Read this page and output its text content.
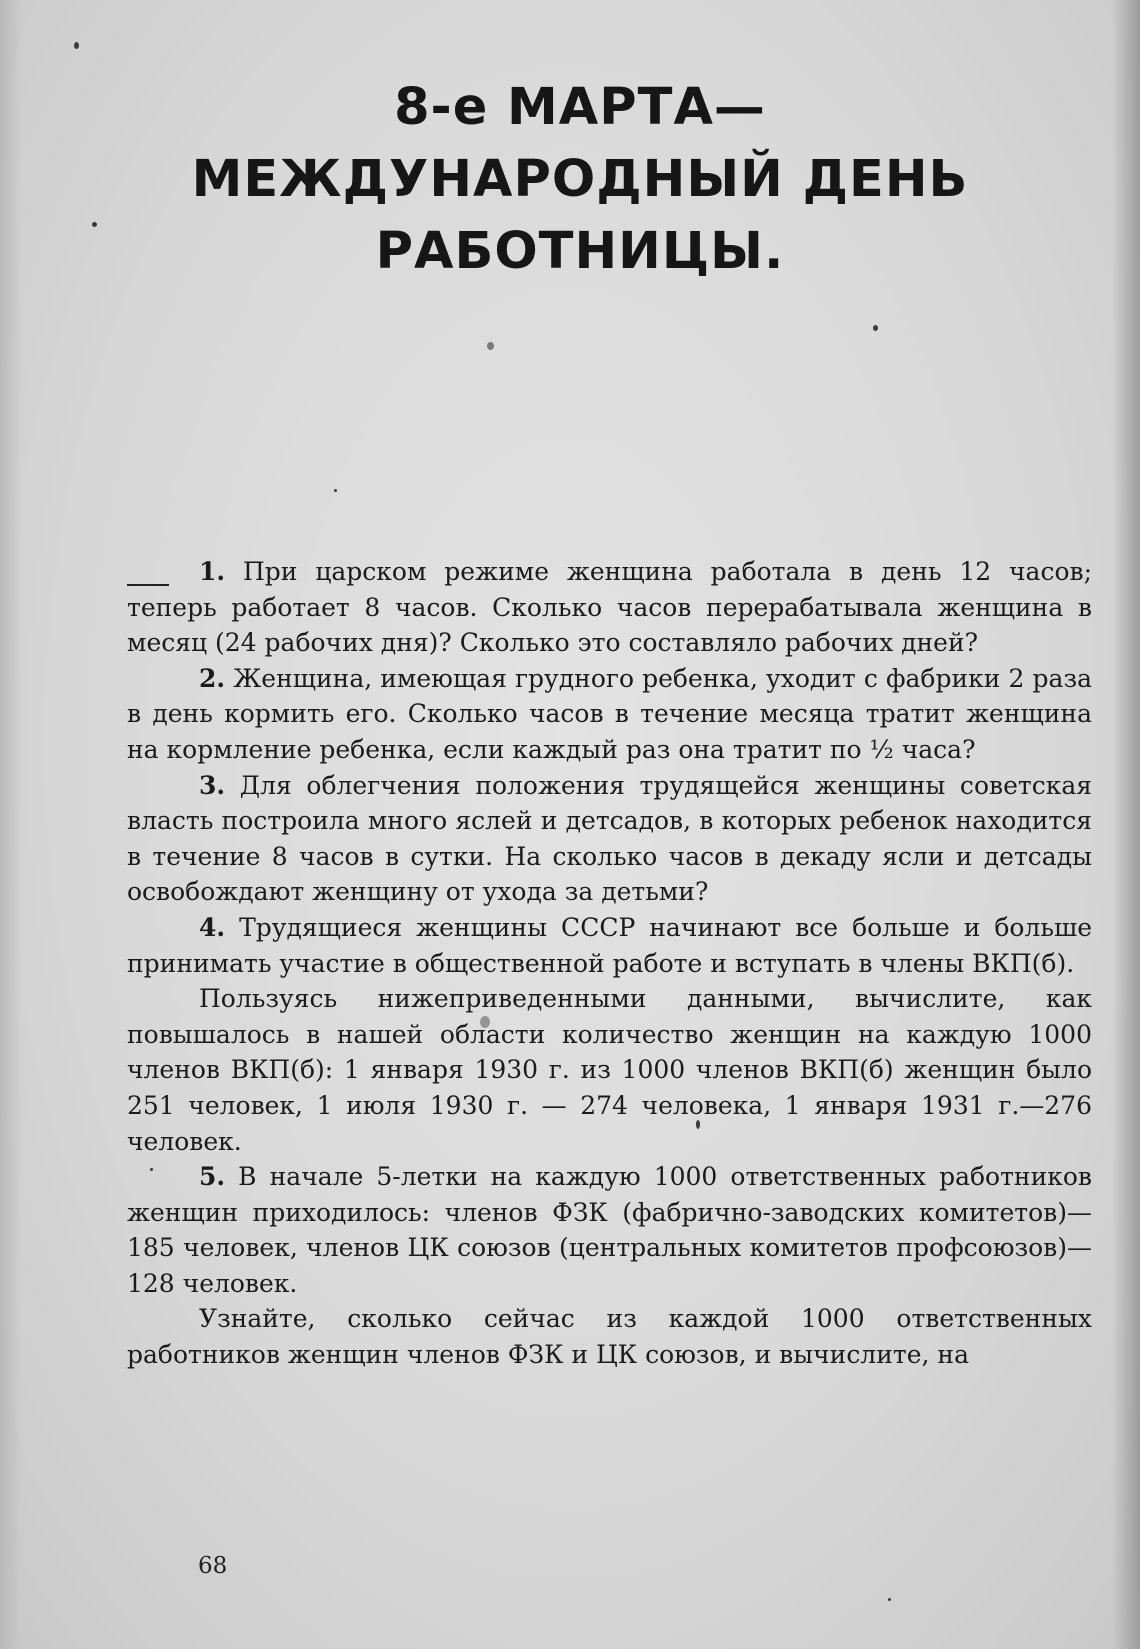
8-е МАРТА—
МЕЖДУНАРОДНЫЙ ДЕНЬ
РАБОТНИЦЫ.

1. При царском режиме женщина работала в день 12 часов; теперь работает 8 часов. Сколько часов перерабатывала женщина в месяц (24 рабочих дня)? Сколько это составляло рабочих дней?

2. Женщина, имеющая грудного ребенка, уходит с фабрики 2 раза в день кормить его. Сколько часов в течение месяца тратит женщина на кормление ребенка, если каждый раз она тратит по ½ часа?

3. Для облегчения положения трудящейся женщины советская власть построила много яслей и детсадов, в которых ребенок находится в течение 8 часов в сутки. На сколько часов в декаду ясли и детсады освобождают женщину от ухода за детьми?

4. Трудящиеся женщины СССР начинают все больше и больше принимать участие в общественной работе и вступать в члены ВКП(б).

Пользуясь нижеприведенными данными, вычислите, как повышалось в нашей области количество женщин на каждую 1000 членов ВКП(б): 1 января 1930 г. из 1000 членов ВКП(б) женщин было 251 человек, 1 июля 1930 г. — 274 человека, 1 января 1931 г.—276 человек.

5. В начале 5-летки на каждую 1000 ответственных работников женщин приходилось: членов ФЗК (фабрично-заводских комитетов)—185 человек, членов ЦК союзов (центральных комитетов профсоюзов)—128 человек.

Узнайте, сколько сейчас из каждой 1000 ответственных работников женщин членов ФЗК и ЦК союзов, и вычислите, на

68
